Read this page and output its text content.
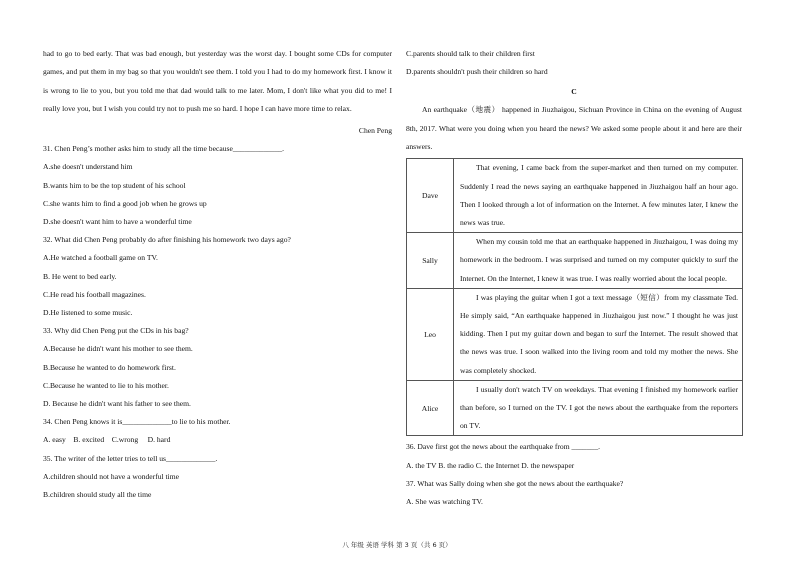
had to go to bed early. That was bad enough, but yesterday was the worst day. I bought some CDs for computer games, and put them in my bag so that you wouldn't see them. I told you I had to do my homework first. I know it is wrong to lie to you, but you told me that dad would talk to me later. Mom, I don't like what you did to me! I really love you, but I wish you could try not to push me so hard. I hope I can have more time to relax.

Chen Peng

31. Chen Peng’s mother asks him to study all the time because_____________.

A.she doesn't understand him

B.wants him to be the top student of his school

C.she wants him to find a good job when he grows up

D.she doesn't want him to have a wonderful time

32. What did Chen Peng probably do after finishing his homework two days ago?

A.He watched a football game on TV.

B. He went to bed early.

C.He read his football magazines.

D.He listened to some music.

33. Why did Chen Peng put the CDs in his bag?

A.Because he didn't want his mother to see them.

B.Because he wanted to do homework first.

C.Because he wanted to lie to his mother.

D. Because he didn't want his father to see them.

34. Chen Peng knows it is_____________to lie to his mother.

A. easy    B. excited    C.wrong     D. hard

35. The writer of the letter tries to tell us_____________.

A.children should not have a wonderful time

B.children should study all the time

C.parents should talk to their children first

D.parents shouldn't push their children so hard

C

An earthquake（地震） happened in Jiuzhaigou, Sichuan Province in China on the evening of August 8th, 2017. What were you doing when you heard the news? We asked some people about it and here are their answers.

Dave	That evening, I came back from the super-market and then turned on my computer. Suddenly I read the news saying an earthquake happened in Jiuzhaigou half an hour ago. Then I looked through a lot of information on the Internet. A few minutes later, I knew the news was true.

Sally	When my cousin told me that an earthquake happened in Jiuzhaigou, I was doing my homework in the bedroom. I was surprised and turned on my computer quickly to surf the Internet. On the Internet, I knew it was true. I was really worried about the local people.

Leo	I was playing the guitar when I got a text message（短信）from my classmate Ted. He simply said, “An earthquake happened in Jiuzhaigou just now.” I thought he was just kidding. Then I put my guitar down and began to surf the Internet. The result showed that the news was true. I soon walked into the living room and told my mother the news. She was completely shocked.

Alice	I usually don't watch TV on weekdays. That evening I finished my homework earlier than before, so I turned on the TV. I got the news about the earthquake from the reporters on TV.

36. Dave first got the news about the earthquake from _______.

A. the TV B. the radio C. the Internet D. the newspaper

37. What was Sally doing when she got the news about the earthquake?

A. She was watching TV.

八 年级 英语 学科 第 3 页（共 6 页）
